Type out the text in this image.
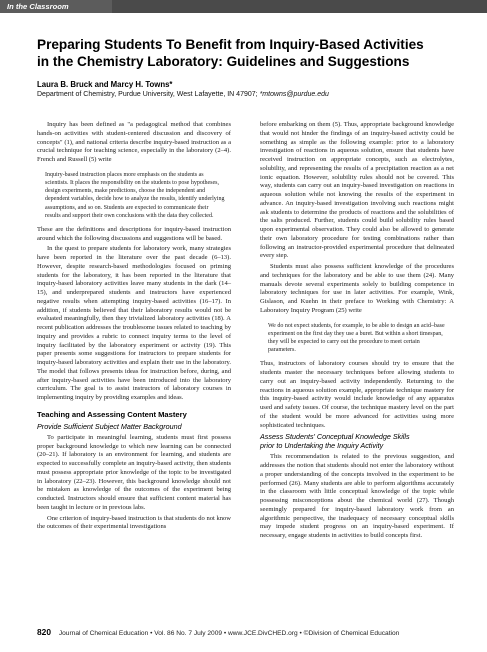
In the Classroom
Preparing Students To Benefit from Inquiry-Based Activities
in the Chemistry Laboratory: Guidelines and Suggestions
Laura B. Bruck and Marcy H. Towns*
Department of Chemistry, Purdue University, West Lafayette, IN 47907; *mtowns@purdue.edu

Inquiry has been defined as "a pedagogical method that combines hands-on activities with student-centered discussion and discovery of concepts" (1), and national criteria describe inquiry-based instruction as a crucial technique for teaching science, especially in the laboratory (2–4). French and Russell (5) write

Inquiry-based instruction places more emphasis on the students as scientists. It places the responsibility on the students to pose hypotheses, design experiments, make predictions, choose the independent and dependent variables, decide how to analyze the results, identify underlying assumptions, and so on. Students are expected to communicate their results and support their own conclusions with the data they collected.

These are the definitions and descriptions for inquiry-based instruction around which the following discussions and suggestions will be based.

In the quest to prepare students for laboratory work, many strategies have been reported in the literature over the past decade (6–13). However, despite research-based methodologies focused on priming students for the laboratory, it has been reported in the literature that inquiry-based laboratory activities leave many students in the dark (14–15), and underprepared students and instructors have experienced negative results when attempting inquiry-based activities (16–17). In addition, if students believed that their laboratory results would not be evaluated meaningfully, then they trivialized laboratory activities (18). A recent publication addresses the troublesome issues related to teaching by inquiry and provides a rubric to connect inquiry terms to the level of inquiry facilitated by the laboratory experiment or activity (19). This paper presents some suggestions for instructors to prepare students for inquiry-based laboratory activities and explain their use in the laboratory. The model that follows presents ideas for instruction before, during, and after inquiry-based activities have been introduced into the laboratory curriculum. The goal is to assist instructors of laboratory courses in implementing inquiry by providing examples and ideas.

Teaching and Assessing Content Mastery
Provide Sufficient Subject Matter Background

To participate in meaningful learning, students must first possess proper background knowledge to which new learning can be connected (20–21). If laboratory is an environment for learning, and students are expected to successfully complete an inquiry-based activity, then students must possess appropriate prior knowledge of the topic to be investigated in laboratory (22–23). However, this background knowledge should not be mistaken as knowledge of the outcomes of the experiment being conducted. Instructors should ensure that sufficient content material has been taught in lecture or in previous labs.

One criterion of inquiry-based instruction is that students do not know the outcomes of their experimental investigations

before embarking on them (5). Thus, appropriate background knowledge that would not hinder the findings of an inquiry-based activity could be something as simple as the following example: prior to a laboratory investigation of reactions in aqueous solution, ensure that students have received instruction on appropriate concepts, such as electrolytes, solubility, and representing the results of a precipitation reaction as a net ionic equation. However, solubility rules should not be covered. This way, students can carry out an inquiry-based investigation on reactions in aqueous solution while not knowing the results of the experiment in advance. An inquiry-based investigation involving such reactions might ask students to determine the products of reactions and the solubilities of the salts produced. Further, students could build solubility rules based upon experimental observation. They could also be allowed to generate their own laboratory procedure for testing combinations rather than following an instructor-provided experimental procedure that delineated every step.

Students must also possess sufficient knowledge of the procedures and techniques for the laboratory and be able to use them (24). Many manuals devote several experiments solely to building competence in laboratory techniques for use in later activities. For example, Wink, Gislason, and Kuehn in their preface to Working with Chemistry: A Laboratory Inquiry Program (25) write

We do not expect students, for example, to be able to design an acid–base experiment on the first day they use a buret. But within a short timespan, they will be expected to carry out the procedure to meet certain parameters.

Thus, instructors of laboratory courses should try to ensure that the students master the necessary techniques before allowing students to carry out an inquiry-based activity independently. Returning to the reactions in aqueous solution example, appropriate technique mastery for this inquiry-based activity would include knowledge of any apparatus used and safety issues. Of course, the technique mastery level on the part of the student would be more advanced for activities using more sophisticated techniques.

Assess Students' Conceptual Knowledge Skills
prior to Undertaking the Inquiry Activity

This recommendation is related to the previous suggestion, and addresses the notion that students should not enter the laboratory without a proper understanding of the concepts involved in the experiment to be performed (26). Many students are able to perform algorithms accurately in the classroom with little conceptual knowledge of the topic while possessing misconceptions about the chemical world (27). Though seemingly prepared for inquiry-based laboratory work from an algorithmic perspective, the inadequacy of necessary conceptual skills may impede student progress on an inquiry-based experiment. If necessary, engage students in activities to build concepts first.

820 Journal of Chemical Education • Vol. 86 No. 7 July 2009 • www.JCE.DivCHED.org • ©Division of Chemical Education
